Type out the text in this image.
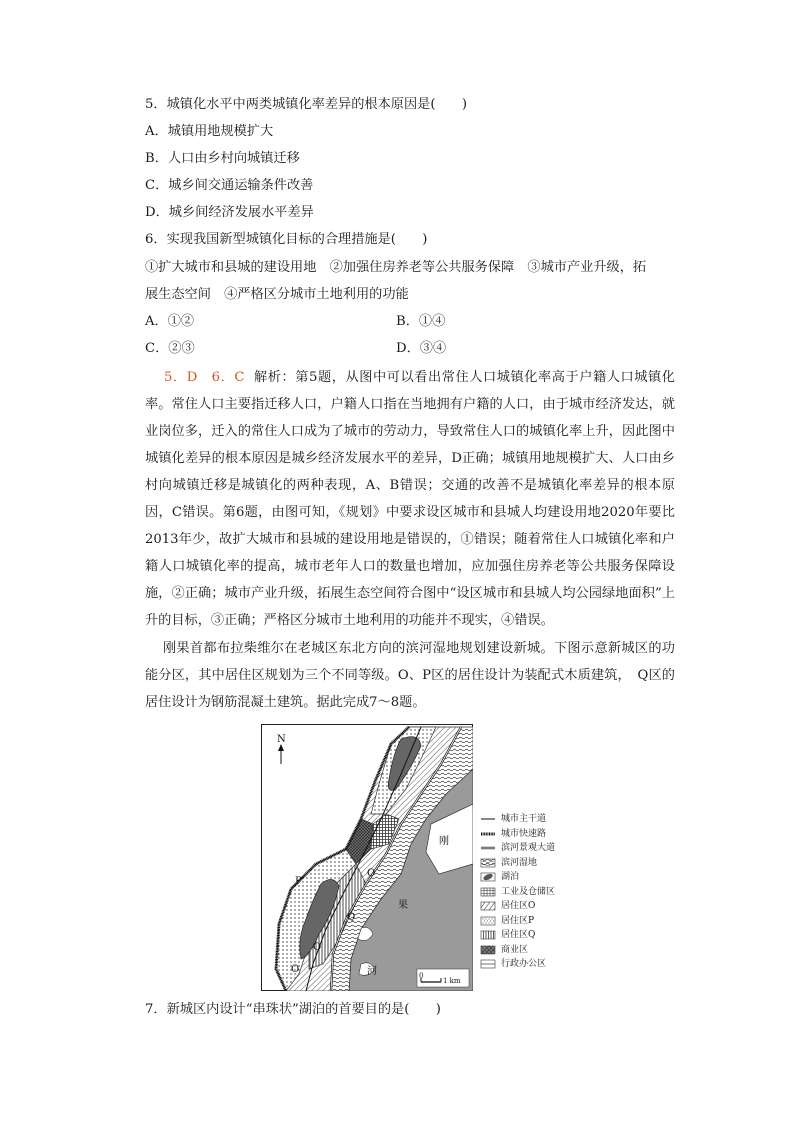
5．城镇化水平中两类城镇化率差异的根本原因是(　　)
A．城镇用地规模扩大
B．人口由乡村向城镇迁移
C．城乡间交通运输条件改善
D．城乡间经济发展水平差异
6．实现我国新型城镇化目标的合理措施是(　　)
①扩大城市和县城的建设用地　②加强住房养老等公共服务保障　③城市产业升级，拓
展生态空间　④严格区分城市土地利用的功能
A．①②	B．①④
C．②③	D．③④
5．D　6．C 解析：第5题，从图中可以看出常住人口城镇化率高于户籍人口城镇化率。常住人口主要指迁移人口，户籍人口指在当地拥有户籍的人口，由于城市经济发达，就业岗位多，迁入的常住人口成为了城市的劳动力，导致常住人口的城镇化率上升，因此图中城镇化差异的根本原因是城乡经济发展水平的差异，D正确；城镇用地规模扩大、人口由乡村向城镇迁移是城镇化的两种表现，A、B错误；交通的改善不是城镇化率差异的根本原因，C错误。第6题，由图可知，《规划》中要求设区城市和县城人均建设用地2020年要比2013年少，故扩大城市和县城的建设用地是错误的，①错误；随着常住人口城镇化率和户籍人口城镇化率的提高，城市老年人口的数量也增加，应加强住房养老等公共服务保障设施，②正确；城市产业升级，拓展生态空间符合图中“设区城市和县城人均公园绿地面积”上升的目标，③正确；严格区分城市土地利用的功能并不现实，④错误。
刚果首都布拉柴维尔在老城区东北方向的滨河湿地规划建设新城。下图示意新城区的功能分区，其中居住区规划为三个不同等级。O、P区的居住设计为装配式木质建筑，　Q区的居住设计为钢筋混凝土建筑。据此完成7～8题。
N
O
P
Q
O
O
刚
果
河	0
1 km
城市主干道
城市快速路
滨河景观大道
滨河湿地
湖泊
工业及仓储区
居住区O
居住区P
居住区Q
商业区
行政办公区
7．新城区内设计“串珠状”湖泊的首要目的是(　　)
